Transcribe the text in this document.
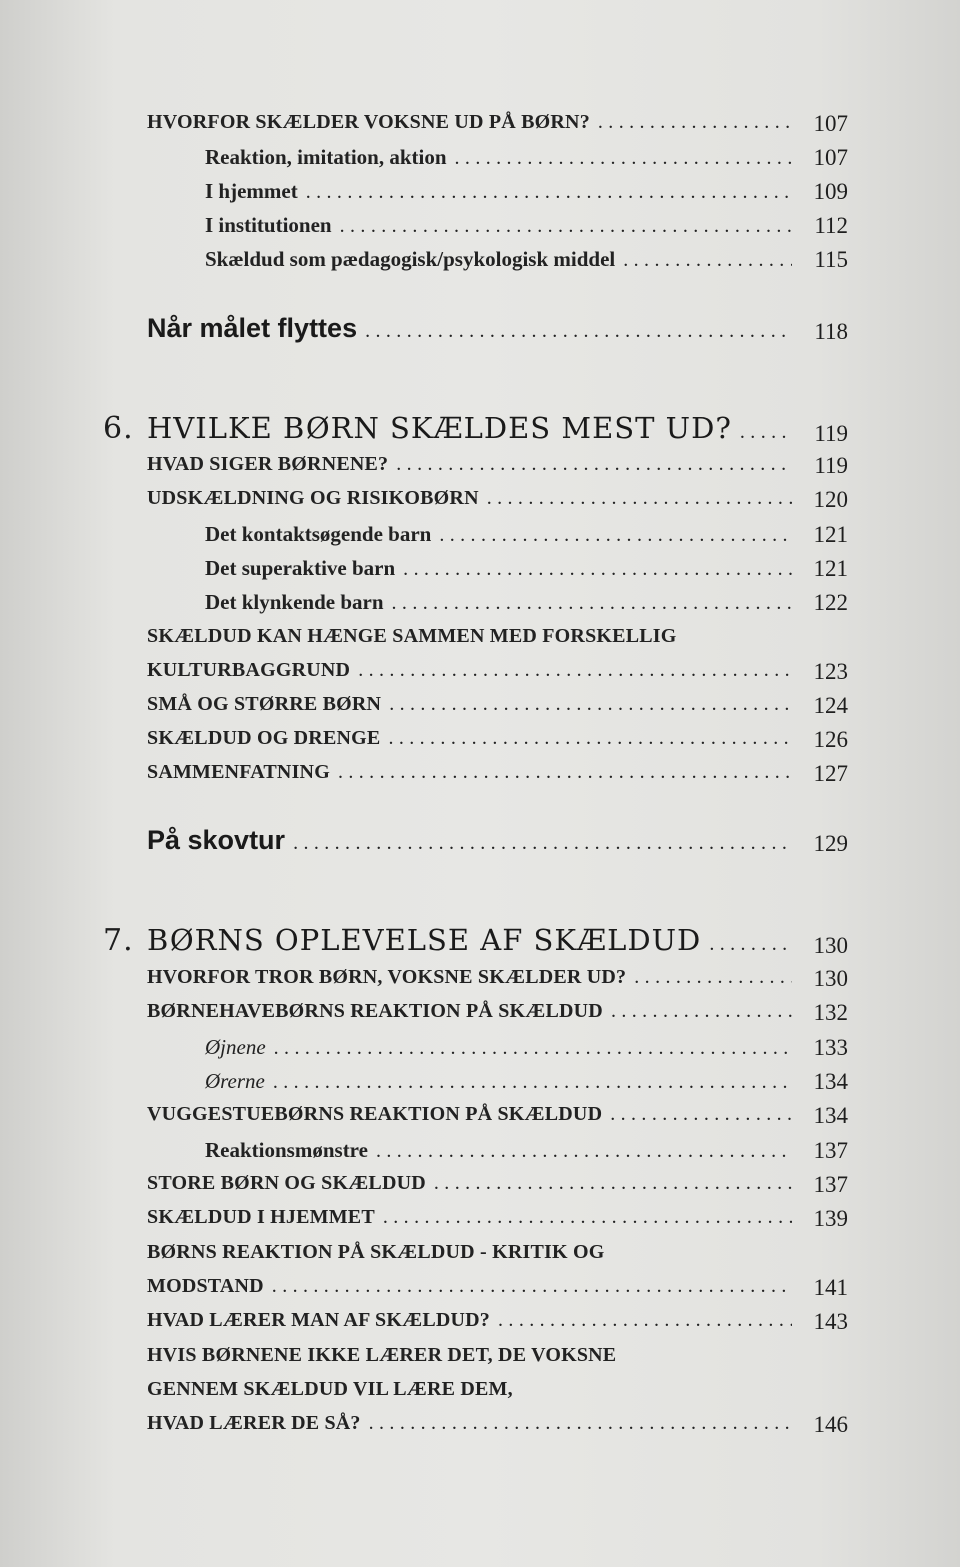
HVORFOR SKÆLDER VOKSNE UD PÅ BØRN? . . .	107
Reaktion, imitation, aktion . . .	107
I hjemmet . . .	109
I institutionen . . .	112
Skældud som pædagogisk/psykologisk middel . . .	115
Når målet flyttes . . .	118
6. HVILKE BØRN SKÆLDES MEST UD? . . .	119
HVAD SIGER BØRNENE? . . .	119
UDSKÆLDNING OG RISIKOBØRN . . .	120
Det kontaktsøgende barn . . .	121
Det superaktive barn . . .	121
Det klynkende barn . . .	122
SKÆLDUD KAN HÆNGE SAMMEN MED FORSKELLIG
KULTURBAGGRUND . . .	123
SMÅ OG STØRRE BØRN . . .	124
SKÆLDUD OG DRENGE . . .	126
SAMMENFATNING . . .	127
På skovtur . . .	129
7. BØRNS OPLEVELSE AF SKÆLDUD . . .	130
HVORFOR TROR BØRN, VOKSNE SKÆLDER UD? . . .	130
BØRNEHAVEBØRNS REAKTION PÅ SKÆLDUD . . .	132
Øjnene . . .	133
Ørerne . . .	134
VUGGESTUEBØRNS REAKTION PÅ SKÆLDUD . . .	134
Reaktionsmønstre . . .	137
STORE BØRN OG SKÆLDUD . . .	137
SKÆLDUD I HJEMMET . . .	139
BØRNS REAKTION PÅ SKÆLDUD - KRITIK OG
MODSTAND . . .	141
HVAD LÆRER MAN AF SKÆLDUD? . . .	143
HVIS BØRNENE IKKE LÆRER DET, DE VOKSNE
GENNEM SKÆLDUD VIL LÆRE DEM,
HVAD LÆRER DE SÅ? . . .	146
